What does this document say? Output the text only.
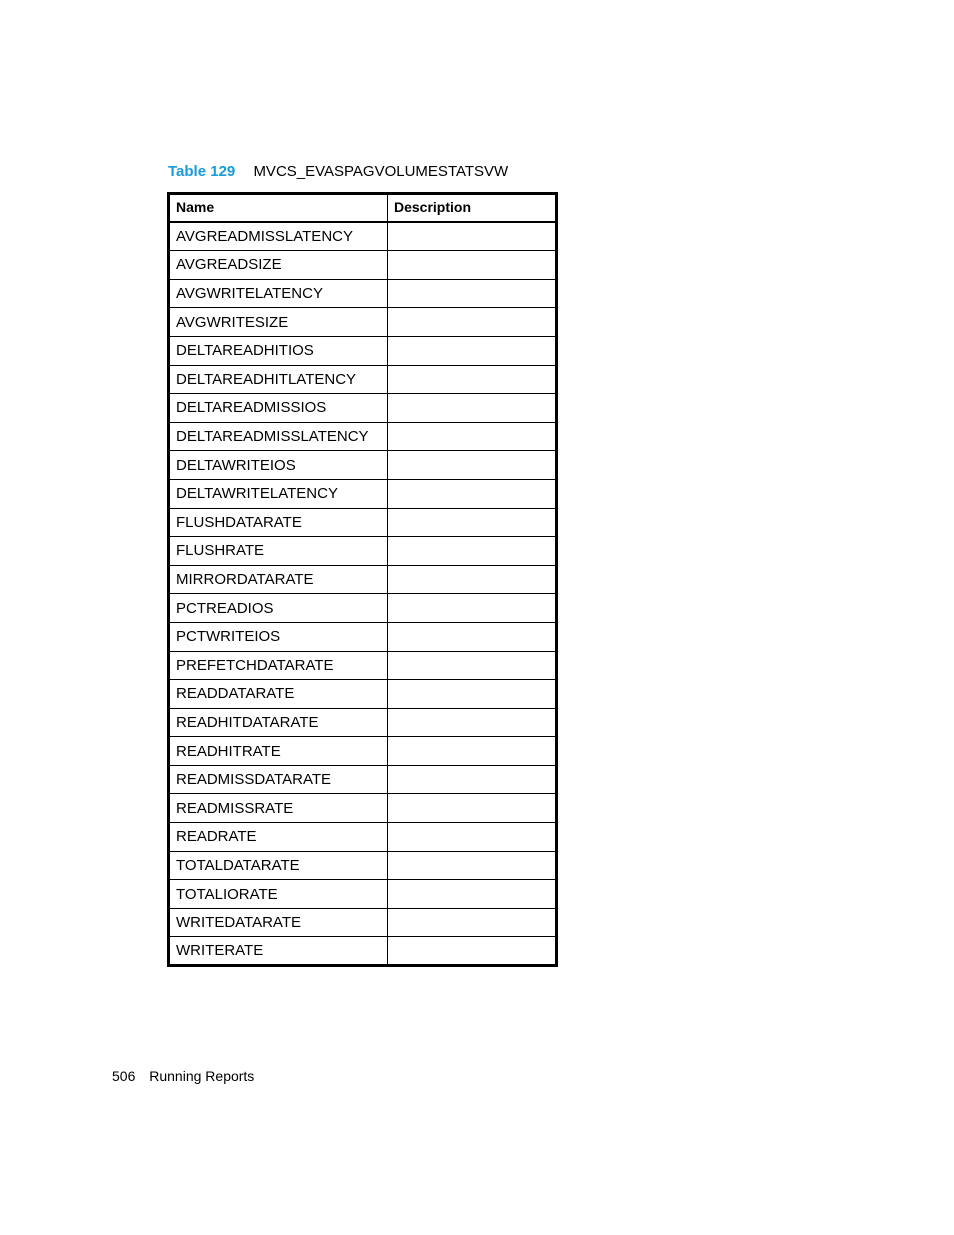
Table 129 MVCS_EVASPAGVOLUMESTATSVW
Name	Description
AVGREADMISSLATENCY	
AVGREADSIZE	
AVGWRITELATENCY	
AVGWRITESIZE	
DELTAREADHITIOS	
DELTAREADHITLATENCY	
DELTAREADMISSIOS	
DELTAREADMISSLATENCY	
DELTAWRITEIOS	
DELTAWRITELATENCY	
FLUSHDATARATE	
FLUSHRATE	
MIRRORDATARATE	
PCTREADIOS	
PCTWRITEIOS	
PREFETCHDATARATE	
READDATARATE	
READHITDATARATE	
READHITRATE	
READMISSDATARATE	
READMISSRATE	
READRATE	
TOTALDATARATE	
TOTALIORATE	
WRITEDATARATE	
WRITERATE	
506 Running Reports
